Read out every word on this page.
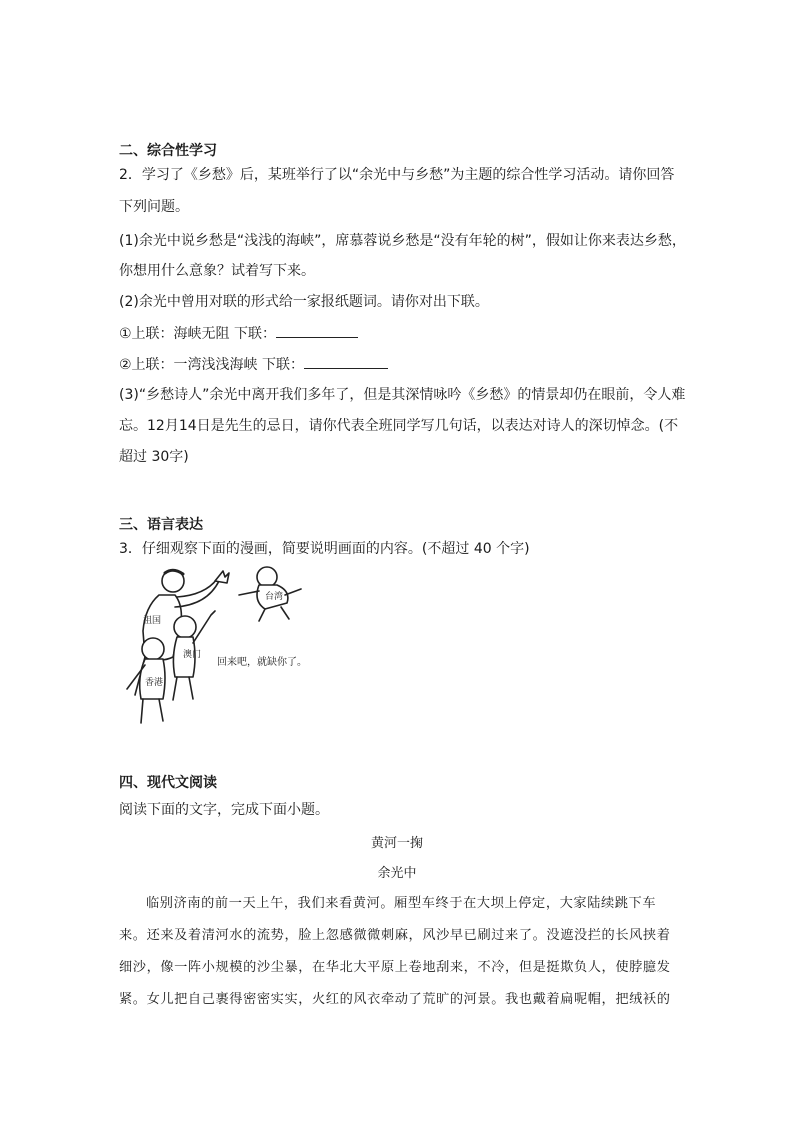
二、综合性学习
2．学习了《乡愁》后，某班举行了以“余光中与乡愁”为主题的综合性学习活动。请你回答
下列问题。
(1)余光中说乡愁是“浅浅的海峡”，席慕蓉说乡愁是“没有年轮的树”，假如让你来表达乡愁，
你想用什么意象？试着写下来。
(2)余光中曾用对联的形式给一家报纸题词。请你对出下联。
①上联：海峡无阻 下联：
②上联：一湾浅浅海峡 下联：
(3)“乡愁诗人”余光中离开我们多年了，但是其深情咏吟《乡愁》的情景却仍在眼前，令人难
忘。12月14日是先生的忌日，请你代表全班同学写几句话，以表达对诗人的深切悼念。(不
超过 30字)
三、语言表达
3．仔细观察下面的漫画，简要说明画面的内容。(不超过 40 个字)
祖国
台湾
澳门
香港
回来吧，就缺你了。
四、现代文阅读
阅读下面的文字，完成下面小题。
黄河一掬
余光中
临别济南的前一天上午，我们来看黄河。厢型车终于在大坝上停定，大家陆续跳下车
来。还来及着清河水的流势，脸上忽感微微刺麻，风沙早已刷过来了。没遮没拦的长风挟着
细沙，像一阵小规模的沙尘暴，在华北大平原上卷地刮来，不冷，但是挺欺负人，使脖臆发
紧。女儿把自己裹得密密实实，火红的风衣牵动了荒旷的河景。我也戴着扁呢帽，把绒袄的
